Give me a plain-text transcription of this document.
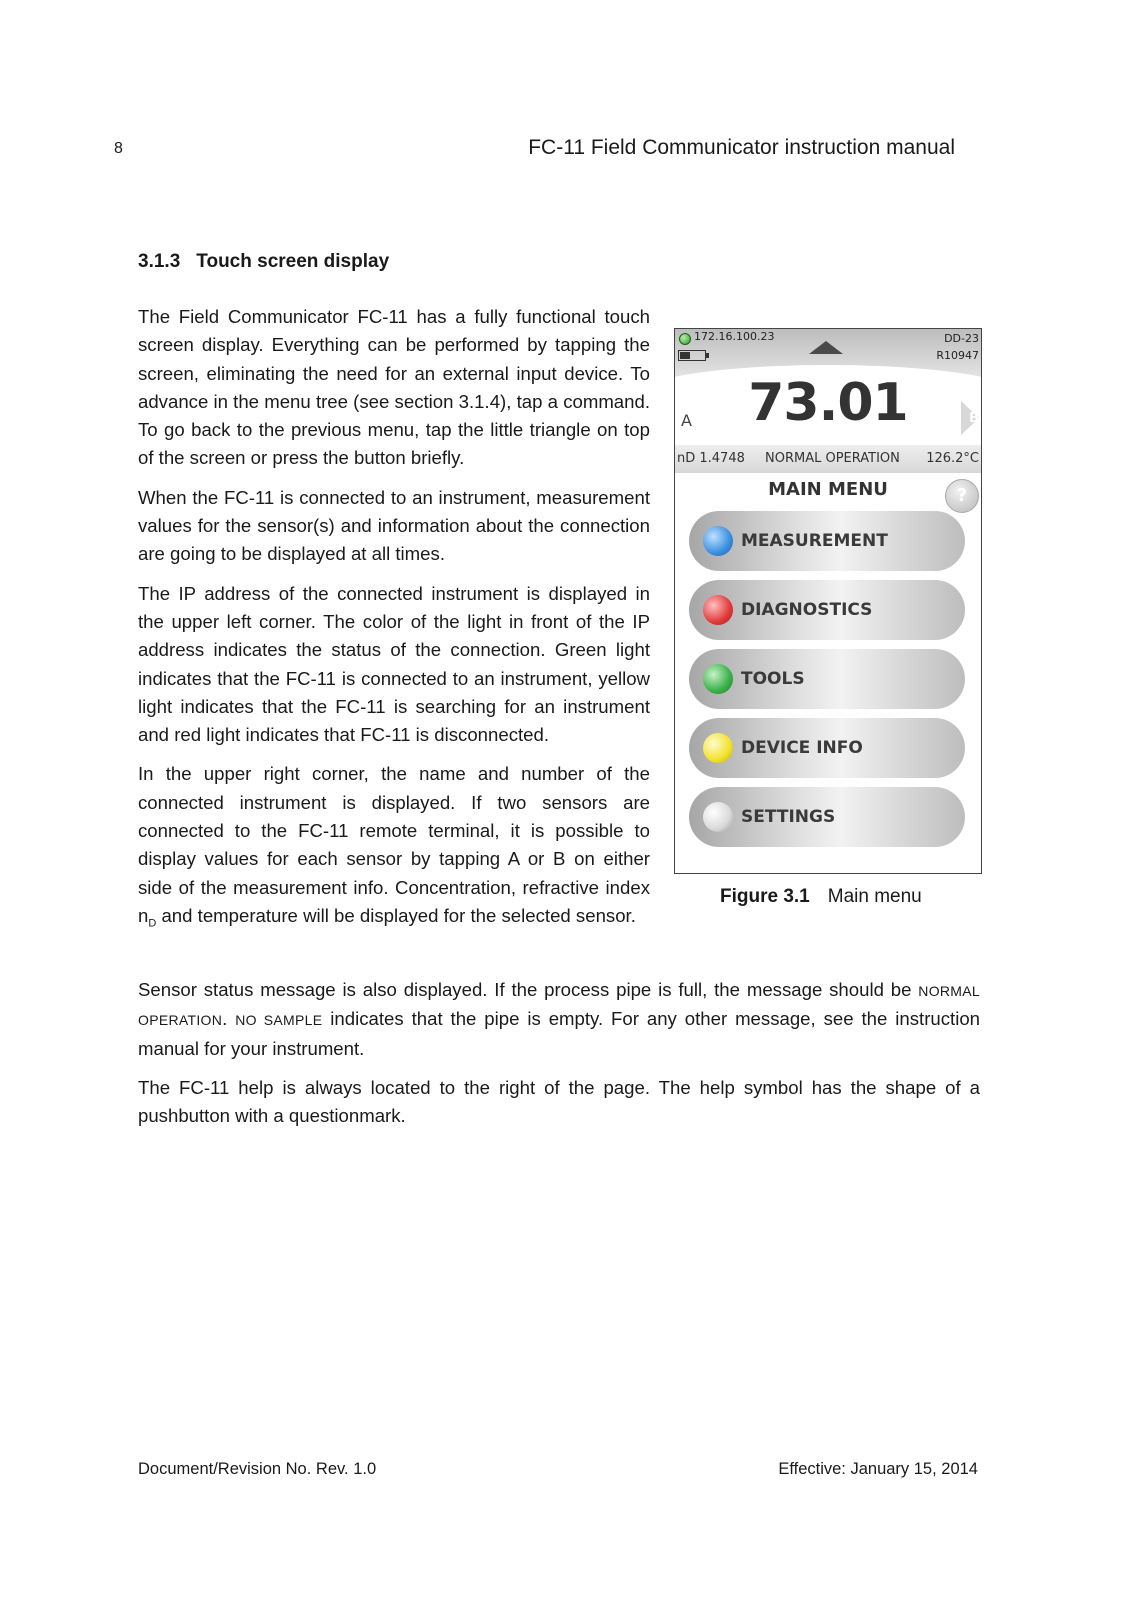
8	FC-11 Field Communicator instruction manual
3.1.3 Touch screen display

The Field Communicator FC-11 has a fully functional touch screen display. Everything can be performed by tapping the screen, eliminating the need for an external input device. To advance in the menu tree (see section 3.1.4), tap a command. To go back to the previous menu, tap the little triangle on top of the screen or press the button briefly.

When the FC-11 is connected to an instrument, measurement values for the sensor(s) and information about the connection are going to be displayed at all times.

The IP address of the connected instrument is displayed in the upper left corner. The color of the light in front of the IP address indicates the status of the connection. Green light indicates that the FC-11 is connected to an instrument, yellow light indicates that the FC-11 is searching for an instrument and red light indicates that FC-11 is disconnected.

In the upper right corner, the name and number of the connected instrument is displayed. If two sensors are connected to the FC-11 remote terminal, it is possible to display values for each sensor by tapping A or B on either side of the measurement info. Concentration, refractive index $n_D$ and temperature will be displayed for the selected sensor.

172.16.100.23	DD-23
R10947
73.01
A	B
nD 1.4748 NORMAL OPERATION 126.2°C
MAIN MENU	?
MEASUREMENT
DIAGNOSTICS
TOOLS
DEVICE INFO
SETTINGS
Figure 3.1 Main menu

Sensor status message is also displayed. If the process pipe is full, the message should be NORMAL OPERATION. NO SAMPLE indicates that the pipe is empty. For any other message, see the instruction manual for your instrument.

The FC-11 help is always located to the right of the page. The help symbol has the shape of a pushbutton with a questionmark.

Document/Revision No. Rev. 1.0	Effective: January 15, 2014
